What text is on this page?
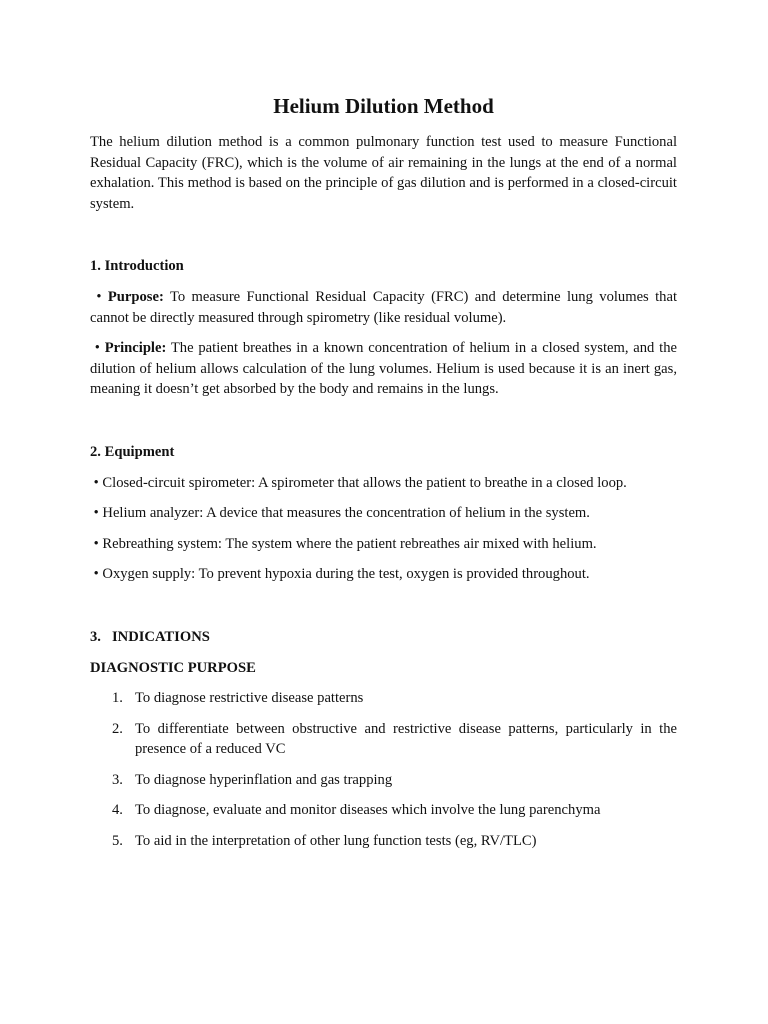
Helium Dilution Method

The helium dilution method is a common pulmonary function test used to measure Functional Residual Capacity (FRC), which is the volume of air remaining in the lungs at the end of a normal exhalation. This method is based on the principle of gas dilution and is performed in a closed-circuit system.

1. Introduction

• Purpose: To measure Functional Residual Capacity (FRC) and determine lung volumes that cannot be directly measured through spirometry (like residual volume).

• Principle: The patient breathes in a known concentration of helium in a closed system, and the dilution of helium allows calculation of the lung volumes. Helium is used because it is an inert gas, meaning it doesn’t get absorbed by the body and remains in the lungs.

2. Equipment

• Closed-circuit spirometer: A spirometer that allows the patient to breathe in a closed loop.

• Helium analyzer: A device that measures the concentration of helium in the system.

• Rebreathing system: The system where the patient rebreathes air mixed with helium.

• Oxygen supply: To prevent hypoxia during the test, oxygen is provided throughout.

3. INDICATIONS

DIAGNOSTIC PURPOSE

1. To diagnose restrictive disease patterns
2. To differentiate between obstructive and restrictive disease patterns, particularly in the presence of a reduced VC
3. To diagnose hyperinflation and gas trapping
4. To diagnose, evaluate and monitor diseases which involve the lung parenchyma
5. To aid in the interpretation of other lung function tests (eg, RV/TLC)
